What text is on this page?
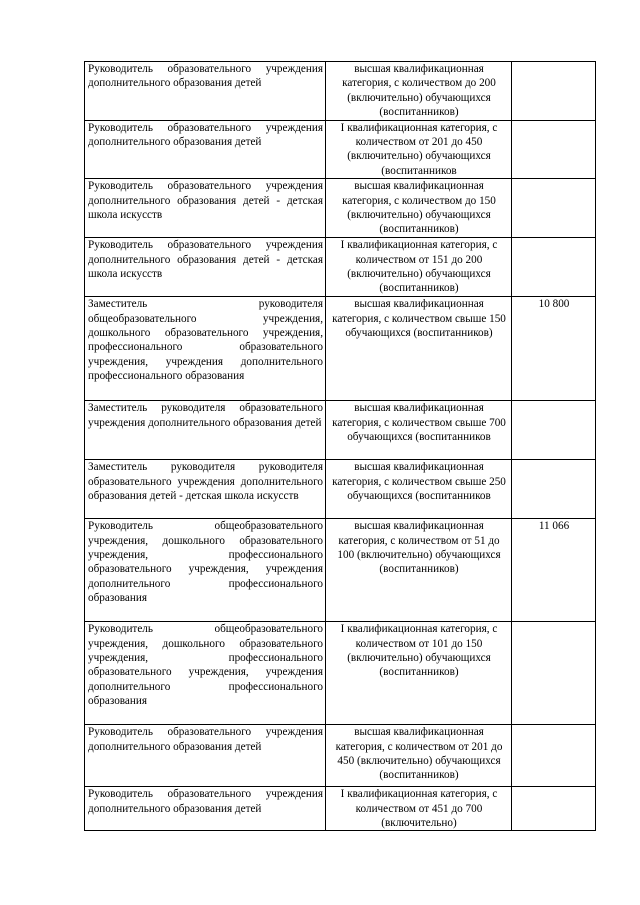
Руководитель образовательного учреждения дополнительного образования детей	высшая квалификационная категория, с количеством до 200 (включительно) обучающихся (воспитанников)	
Руководитель образовательного учреждения дополнительного образования детей	I квалификационная категория, с количеством от 201 до 450 (включительно) обучающихся (воспитанников	
Руководитель образовательного учреждения дополнительного образования детей - детская школа искусств	высшая квалификационная категория, с количеством до 150 (включительно) обучающихся (воспитанников)	
Руководитель образовательного учреждения дополнительного образования детей - детская школа искусств	I квалификационная категория, с количеством от 151 до 200 (включительно) обучающихся (воспитанников)	
Заместитель руководителя общеобразовательного учреждения, дошкольного образовательного учреждения, профессионального образовательного учреждения, учреждения дополнительного профессионального образования	высшая квалификационная категория, с количеством свыше 150 обучающихся (воспитанников)	10 800
Заместитель руководителя образовательного учреждения дополнительного образования детей	высшая квалификационная категория, с количеством свыше 700 обучающихся (воспитанников	
Заместитель руководителя руководителя образовательного учреждения дополнительного образования детей - детская школа искусств	высшая квалификационная категория, с количеством свыше 250 обучающихся (воспитанников	
Руководитель общеобразовательного учреждения, дошкольного образовательного учреждения, профессионального образовательного учреждения, учреждения дополнительного профессионального образования	высшая квалификационная категория, с количеством от 51 до 100 (включительно) обучающихся (воспитанников)	11 066
Руководитель общеобразовательного учреждения, дошкольного образовательного учреждения, профессионального образовательного учреждения, учреждения дополнительного профессионального образования	I квалификационная категория, с количеством от 101 до 150 (включительно) обучающихся (воспитанников)	
Руководитель образовательного учреждения дополнительного образования детей	высшая квалификационная категория, с количеством от 201 до 450 (включительно) обучающихся (воспитанников)	
Руководитель образовательного учреждения дополнительного образования детей	I квалификационная категория, с количеством от 451 до 700 (включительно)	
